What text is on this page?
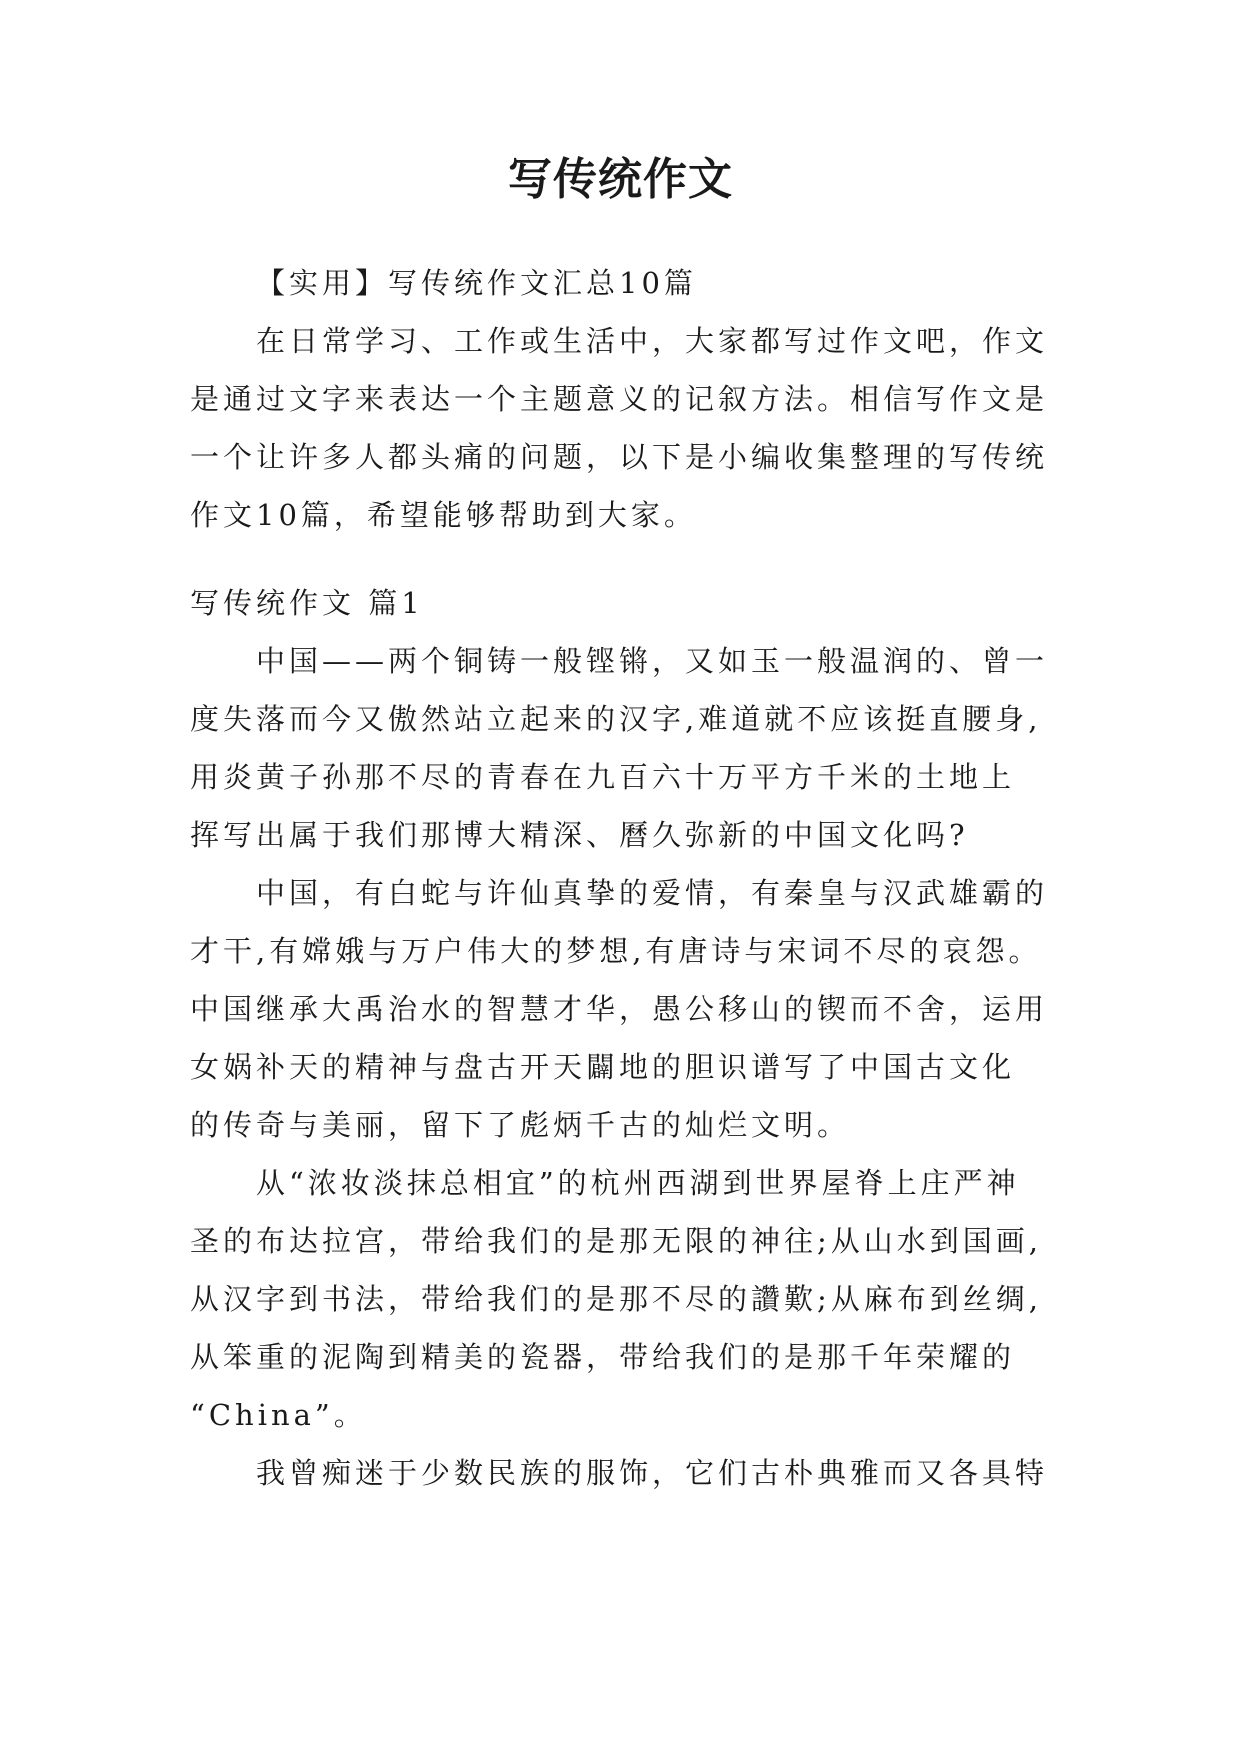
写传统作文
【实用】写传统作文汇总10篇
在日常学习、工作或生活中，大家都写过作文吧，作文
是通过文字来表达一个主题意义的记叙方法。相信写作文是
一个让许多人都头痛的问题，以下是小编收集整理的写传统
作文10篇，希望能够帮助到大家。
写传统作文 篇1
中国——两个铜铸一般铿锵，又如玉一般温润的、曾一
度失落而今又傲然站立起来的汉字,难道就不应该挺直腰身,
用炎黄子孙那不尽的青春在九百六十万平方千米的土地上
挥写出属于我们那博大精深、曆久弥新的中国文化吗?
中国，有白蛇与许仙真挚的爱情，有秦皇与汉武雄霸的
才干,有嫦娥与万户伟大的梦想,有唐诗与宋词不尽的哀怨。
中国继承大禹治水的智慧才华，愚公移山的锲而不舍，运用
女娲补天的精神与盘古开天闢地的胆识谱写了中国古文化
的传奇与美丽，留下了彪炳千古的灿烂文明。
从“浓妆淡抹总相宜”的杭州西湖到世界屋脊上庄严神
圣的布达拉宫，带给我们的是那无限的神往;从山水到国画,
从汉字到书法，带给我们的是那不尽的讚歎;从麻布到丝绸,
从笨重的泥陶到精美的瓷器，带给我们的是那千年荣耀的
“China”。
我曾痴迷于少数民族的服饰，它们古朴典雅而又各具特
